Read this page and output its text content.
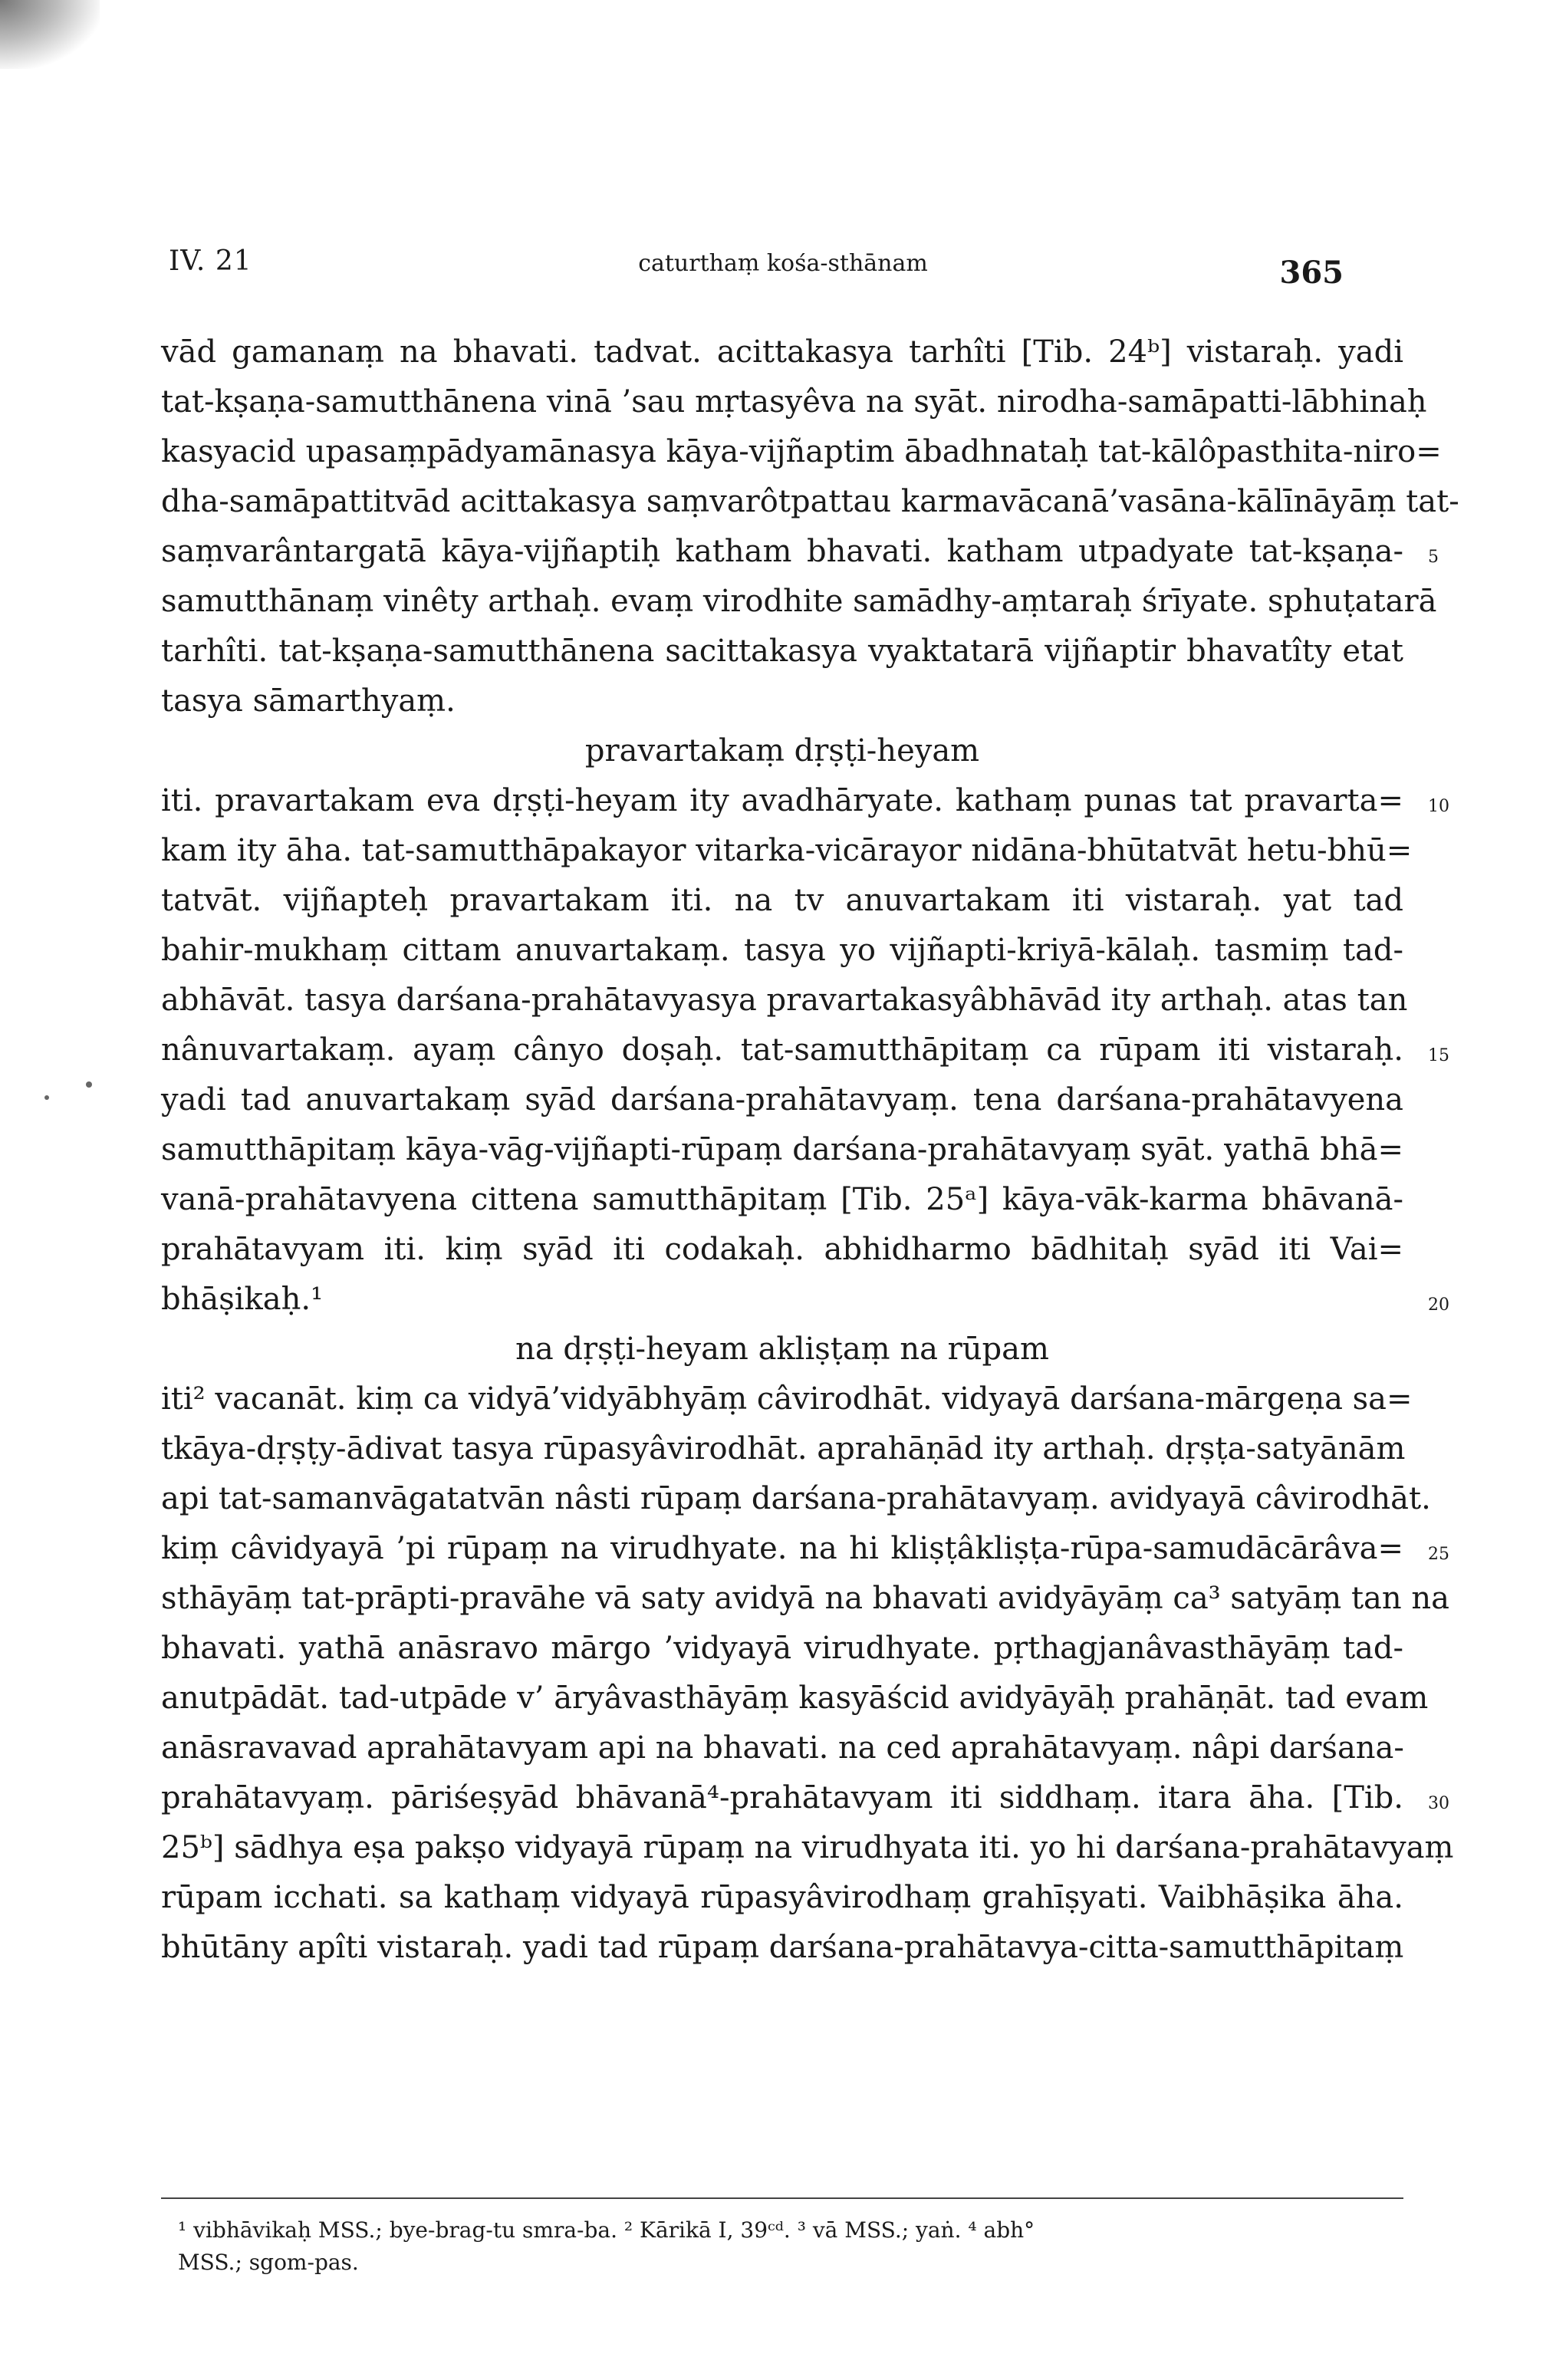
IV. 21	caturthaṃ kośa-sthānam	365
vād gamanaṃ na bhavati. tadvat. acittakasya tarhîti [Tib. 24ᵇ] vistaraḥ. yadi
tat-kṣaṇa-samutthānena vinā ’sau mṛtasyêva na syāt. nirodha-samāpatti-lābhinaḥ
kasyacid upasaṃpādyamānasya kāya-vijñaptim ābadhnataḥ tat-kālôpasthita-niro=
dha-samāpattitvād acittakasya saṃvarôtpattau karmavācanā’vasāna-kālīnāyāṃ tat-
saṃvarântargatā kāya-vijñaptiḥ katham bhavati. katham utpadyate tat-kṣaṇa-
samutthānaṃ vinêty arthaḥ. evaṃ virodhite samādhy-aṃtaraḥ śrīyate. sphuṭatarā
tarhîti. tat-kṣaṇa-samutthānena sacittakasya vyaktatarā vijñaptir bhavatîty etat
tasya sāmarthyaṃ.
pravartakaṃ dṛṣṭi-heyam
iti. pravartakam eva dṛṣṭi-heyam ity avadhāryate. kathaṃ punas tat pravarta=
kam ity āha. tat-samutthāpakayor vitarka-vicārayor nidāna-bhūtatvāt hetu-bhū=
tatvāt. vijñapteḥ pravartakam iti. na tv anuvartakam iti vistaraḥ. yat tad
bahir-mukhaṃ cittam anuvartakaṃ. tasya yo vijñapti-kriyā-kālaḥ. tasmiṃ tad-
abhāvāt. tasya darśana-prahātavyasya pravartakasyâbhāvād ity arthaḥ. atas tan
nânuvartakaṃ. ayaṃ cânyo doṣaḥ. tat-samutthāpitaṃ ca rūpam iti vistaraḥ.
yadi tad anuvartakaṃ syād darśana-prahātavyaṃ. tena darśana-prahātavyena
samutthāpitaṃ kāya-vāg-vijñapti-rūpaṃ darśana-prahātavyaṃ syāt. yathā bhā=
vanā-prahātavyena cittena samutthāpitaṃ [Tib. 25ᵃ] kāya-vāk-karma bhāvanā-
prahātavyam iti. kiṃ syād iti codakaḥ. abhidharmo bādhitaḥ syād iti Vai=
bhāṣikaḥ.¹
na dṛṣṭi-heyam akliṣṭaṃ na rūpam
iti² vacanāt. kiṃ ca vidyā’vidyābhyāṃ câvirodhāt. vidyayā darśana-mārgeṇa sa=
tkāya-dṛṣṭy-ādivat tasya rūpasyâvirodhāt. aprahāṇād ity arthaḥ. dṛṣṭa-satyānām
api tat-samanvāgatatvān nâsti rūpaṃ darśana-prahātavyaṃ. avidyayā câvirodhāt.
kiṃ câvidyayā ’pi rūpaṃ na virudhyate. na hi kliṣṭâkliṣṭa-rūpa-samudācārâva=
sthāyāṃ tat-prāpti-pravāhe vā saty avidyā na bhavati avidyāyāṃ ca³ satyāṃ tan na
bhavati. yathā anāsravo mārgo ’vidyayā virudhyate. pṛthagjanâvasthāyāṃ tad-
anutpādāt. tad-utpāde v’ āryâvasthāyāṃ kasyāścid avidyāyāḥ prahāṇāt. tad evam
anāsravavad aprahātavyam api na bhavati. na ced aprahātavyaṃ. nâpi darśana-
prahātavyaṃ. pāriśeṣyād bhāvanā⁴-prahātavyam iti siddhaṃ. itara āha. [Tib.
25ᵇ] sādhya eṣa pakṣo vidyayā rūpaṃ na virudhyata iti. yo hi darśana-prahātavyaṃ
rūpam icchati. sa kathaṃ vidyayā rūpasyâvirodhaṃ grahīṣyati. Vaibhāṣika āha.
bhūtāny apîti vistaraḥ. yadi tad rūpaṃ darśana-prahātavya-citta-samutthāpitaṃ
5
10
15
20
25
30
¹ vibhāvikaḥ MSS.; bye-brag-tu smra-ba. ² Kārikā I, 39ᶜᵈ. ³ vā MSS.; yaṅ. ⁴ abh°
MSS.; sgom-pas.
